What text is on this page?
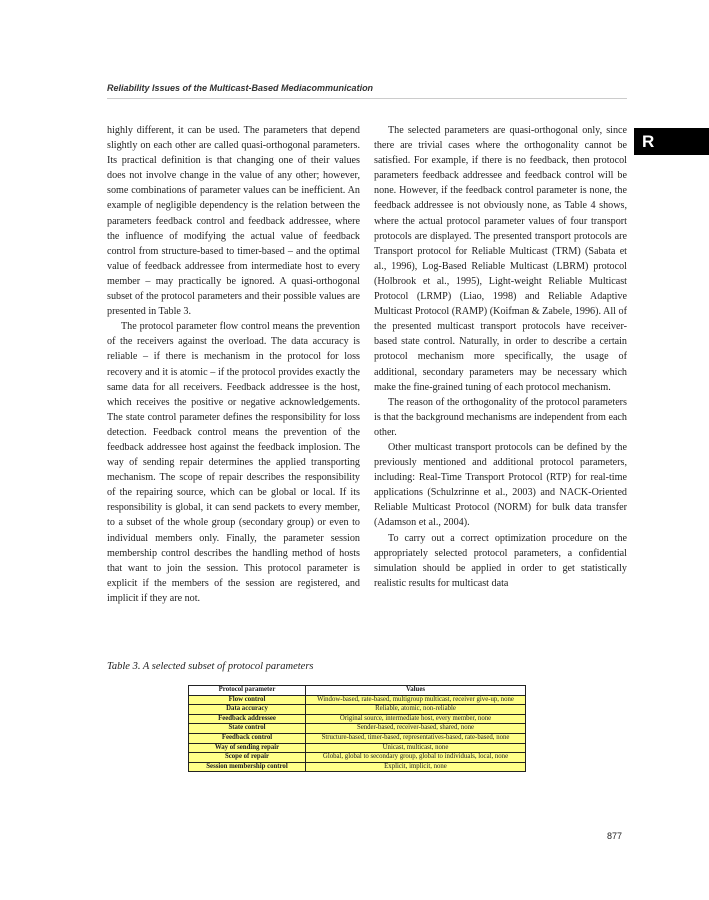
Reliability Issues of the Multicast-Based Mediacommunication
R

highly different, it can be used. The parameters that depend slightly on each other are called quasi-orthogonal parameters. Its practical definition is that changing one of their values does not involve change in the value of any other; however, some combinations of parameter values can be inefficient. An example of negligible dependency is the relation between the parameters feedback control and feedback addressee, where the influence of modifying the actual value of feedback control from structure-based to timer-based – and the optimal value of feedback addressee from intermediate host to every member – may practically be ignored. A quasi-orthogonal subset of the protocol parameters and their possible values are presented in Table 3.

The protocol parameter flow control means the prevention of the receivers against the overload. The data accuracy is reliable – if there is mechanism in the protocol for loss recovery and it is atomic – if the protocol provides exactly the same data for all receivers. Feedback addressee is the host, which receives the positive or negative acknowledgements. The state control parameter defines the responsibility for loss detection. Feedback control means the prevention of the feedback addressee host against the feedback implosion. The way of sending repair determines the applied transporting mechanism. The scope of repair describes the responsibility of the repairing source, which can be global or local. If its responsibility is global, it can send packets to every member, to a subset of the whole group (secondary group) or even to individual members only. Finally, the parameter session membership control describes the handling method of hosts that want to join the session. This protocol parameter is explicit if the members of the session are registered, and implicit if they are not.

The selected parameters are quasi-orthogonal only, since there are trivial cases where the orthogonality cannot be satisfied. For example, if there is no feedback, then protocol parameters feedback addressee and feedback control will be none. However, if the feedback control parameter is none, the feedback addressee is not obviously none, as Table 4 shows, where the actual protocol parameter values of four transport protocols are displayed. The presented transport protocols are Transport protocol for Reliable Multicast (TRM) (Sabata et al., 1996), Log-Based Reliable Multicast (LBRM) protocol (Holbrook et al., 1995), Light-weight Reliable Multicast Protocol (LRMP) (Liao, 1998) and Reliable Adaptive Multicast Protocol (RAMP) (Koifman & Zabele, 1996). All of the presented multicast transport protocols have receiver-based state control. Naturally, in order to describe a certain protocol mechanism more specifically, the usage of additional, secondary parameters may be necessary which make the fine-grained tuning of each protocol mechanism.

The reason of the orthogonality of the protocol parameters is that the background mechanisms are independent from each other.

Other multicast transport protocols can be defined by the previously mentioned and additional protocol parameters, including: Real-Time Transport Protocol (RTP) for real-time applications (Schulzrinne et al., 2003) and NACK-Oriented Reliable Multicast Protocol (NORM) for bulk data transfer (Adamson et al., 2004).

To carry out a correct optimization procedure on the appropriately selected protocol parameters, a confidential simulation should be applied in order to get statistically realistic results for multicast data

Table 3. A selected subset of protocol parameters
Protocol parameter	Values
Flow control	Window-based, rate-based, multigroup multicast, receiver give-up, none
Data accuracy	Reliable, atomic, non-reliable
Feedback addressee	Original source, intermediate host, every member, none
State control	Sender-based, receiver-based, shared, none
Feedback control	Structure-based, timer-based, representatives-based, rate-based, none
Way of sending repair	Unicast, multicast, none
Scope of repair	Global, global to secondary group, global to individuals, local, none
Session membership control	Explicit, implicit, none
877
